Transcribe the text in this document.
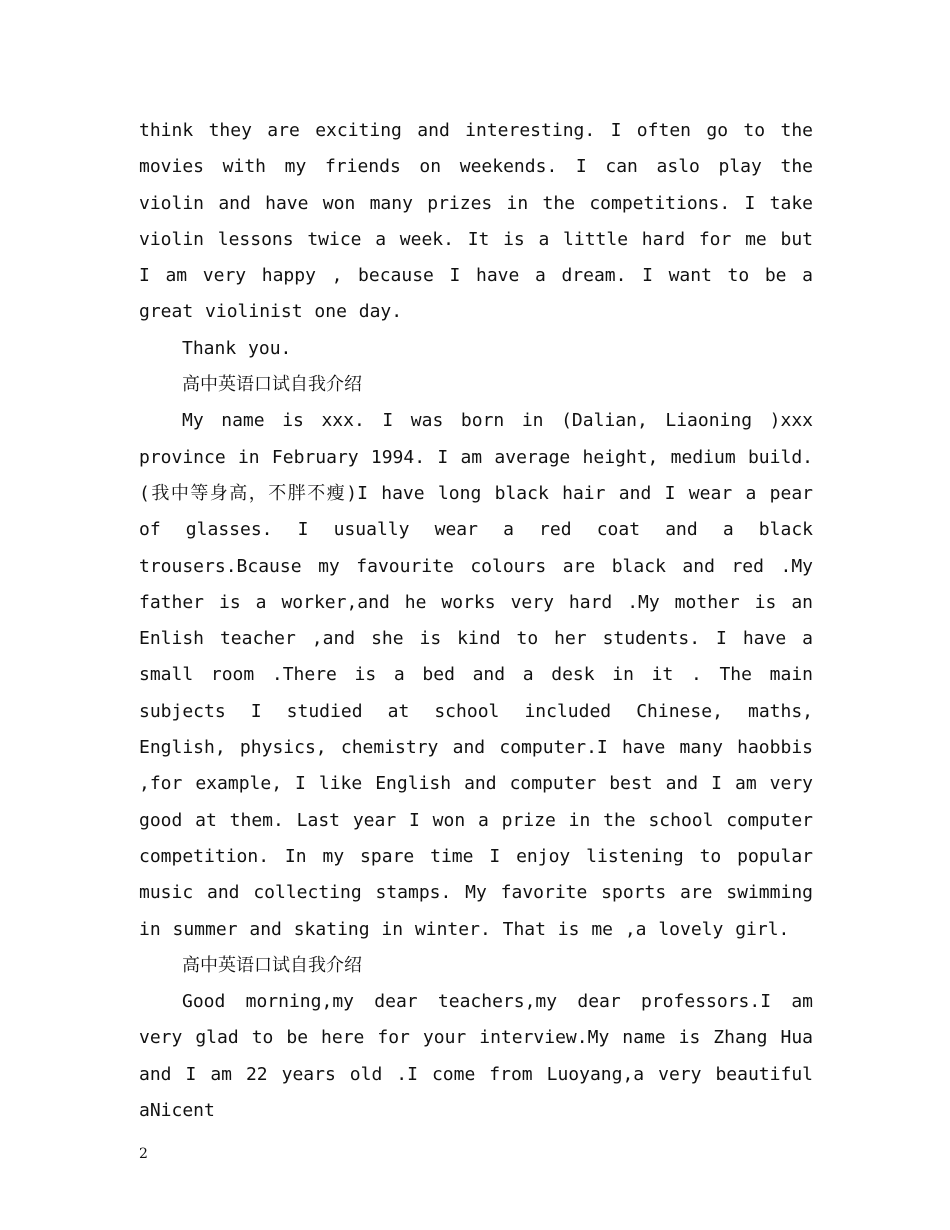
think they are exciting and interesting. I often go to the movies with my friends on weekends. I can aslo play the violin and have won many prizes in the competitions. I take violin lessons twice a week. It is a little hard for me but I am very happy , because I have a dream. I want to be a great violinist one day.

Thank you.

高中英语口试自我介绍

My name is xxx. I was born in (Dalian, Liaoning )xxx province in February 1994. I am average height, medium build.(我中等身高，不胖不瘦)I have long black hair and I wear a pear of glasses. I usually wear a red coat and a black trousers.Bcause my favourite colours are black and red .My father is a worker,and he works very hard .My mother is an Enlish teacher ,and she is kind to her students. I have a small room .There is a bed and a desk in it . The main subjects I studied at school included Chinese, maths, English, physics, chemistry and computer.I have many haobbis ,for example, I like English and computer best and I am very good at them. Last year I won a prize in the school computer competition. In my spare time I enjoy listening to popular music and collecting stamps. My favorite sports are swimming in summer and skating in winter. That is me ,a lovely girl.

高中英语口试自我介绍

Good morning,my dear teachers,my dear professors.I am very glad to be here for your interview.My name is Zhang Hua and I am 22 years old .I come from Luoyang,a very beautiful aNicent

2
